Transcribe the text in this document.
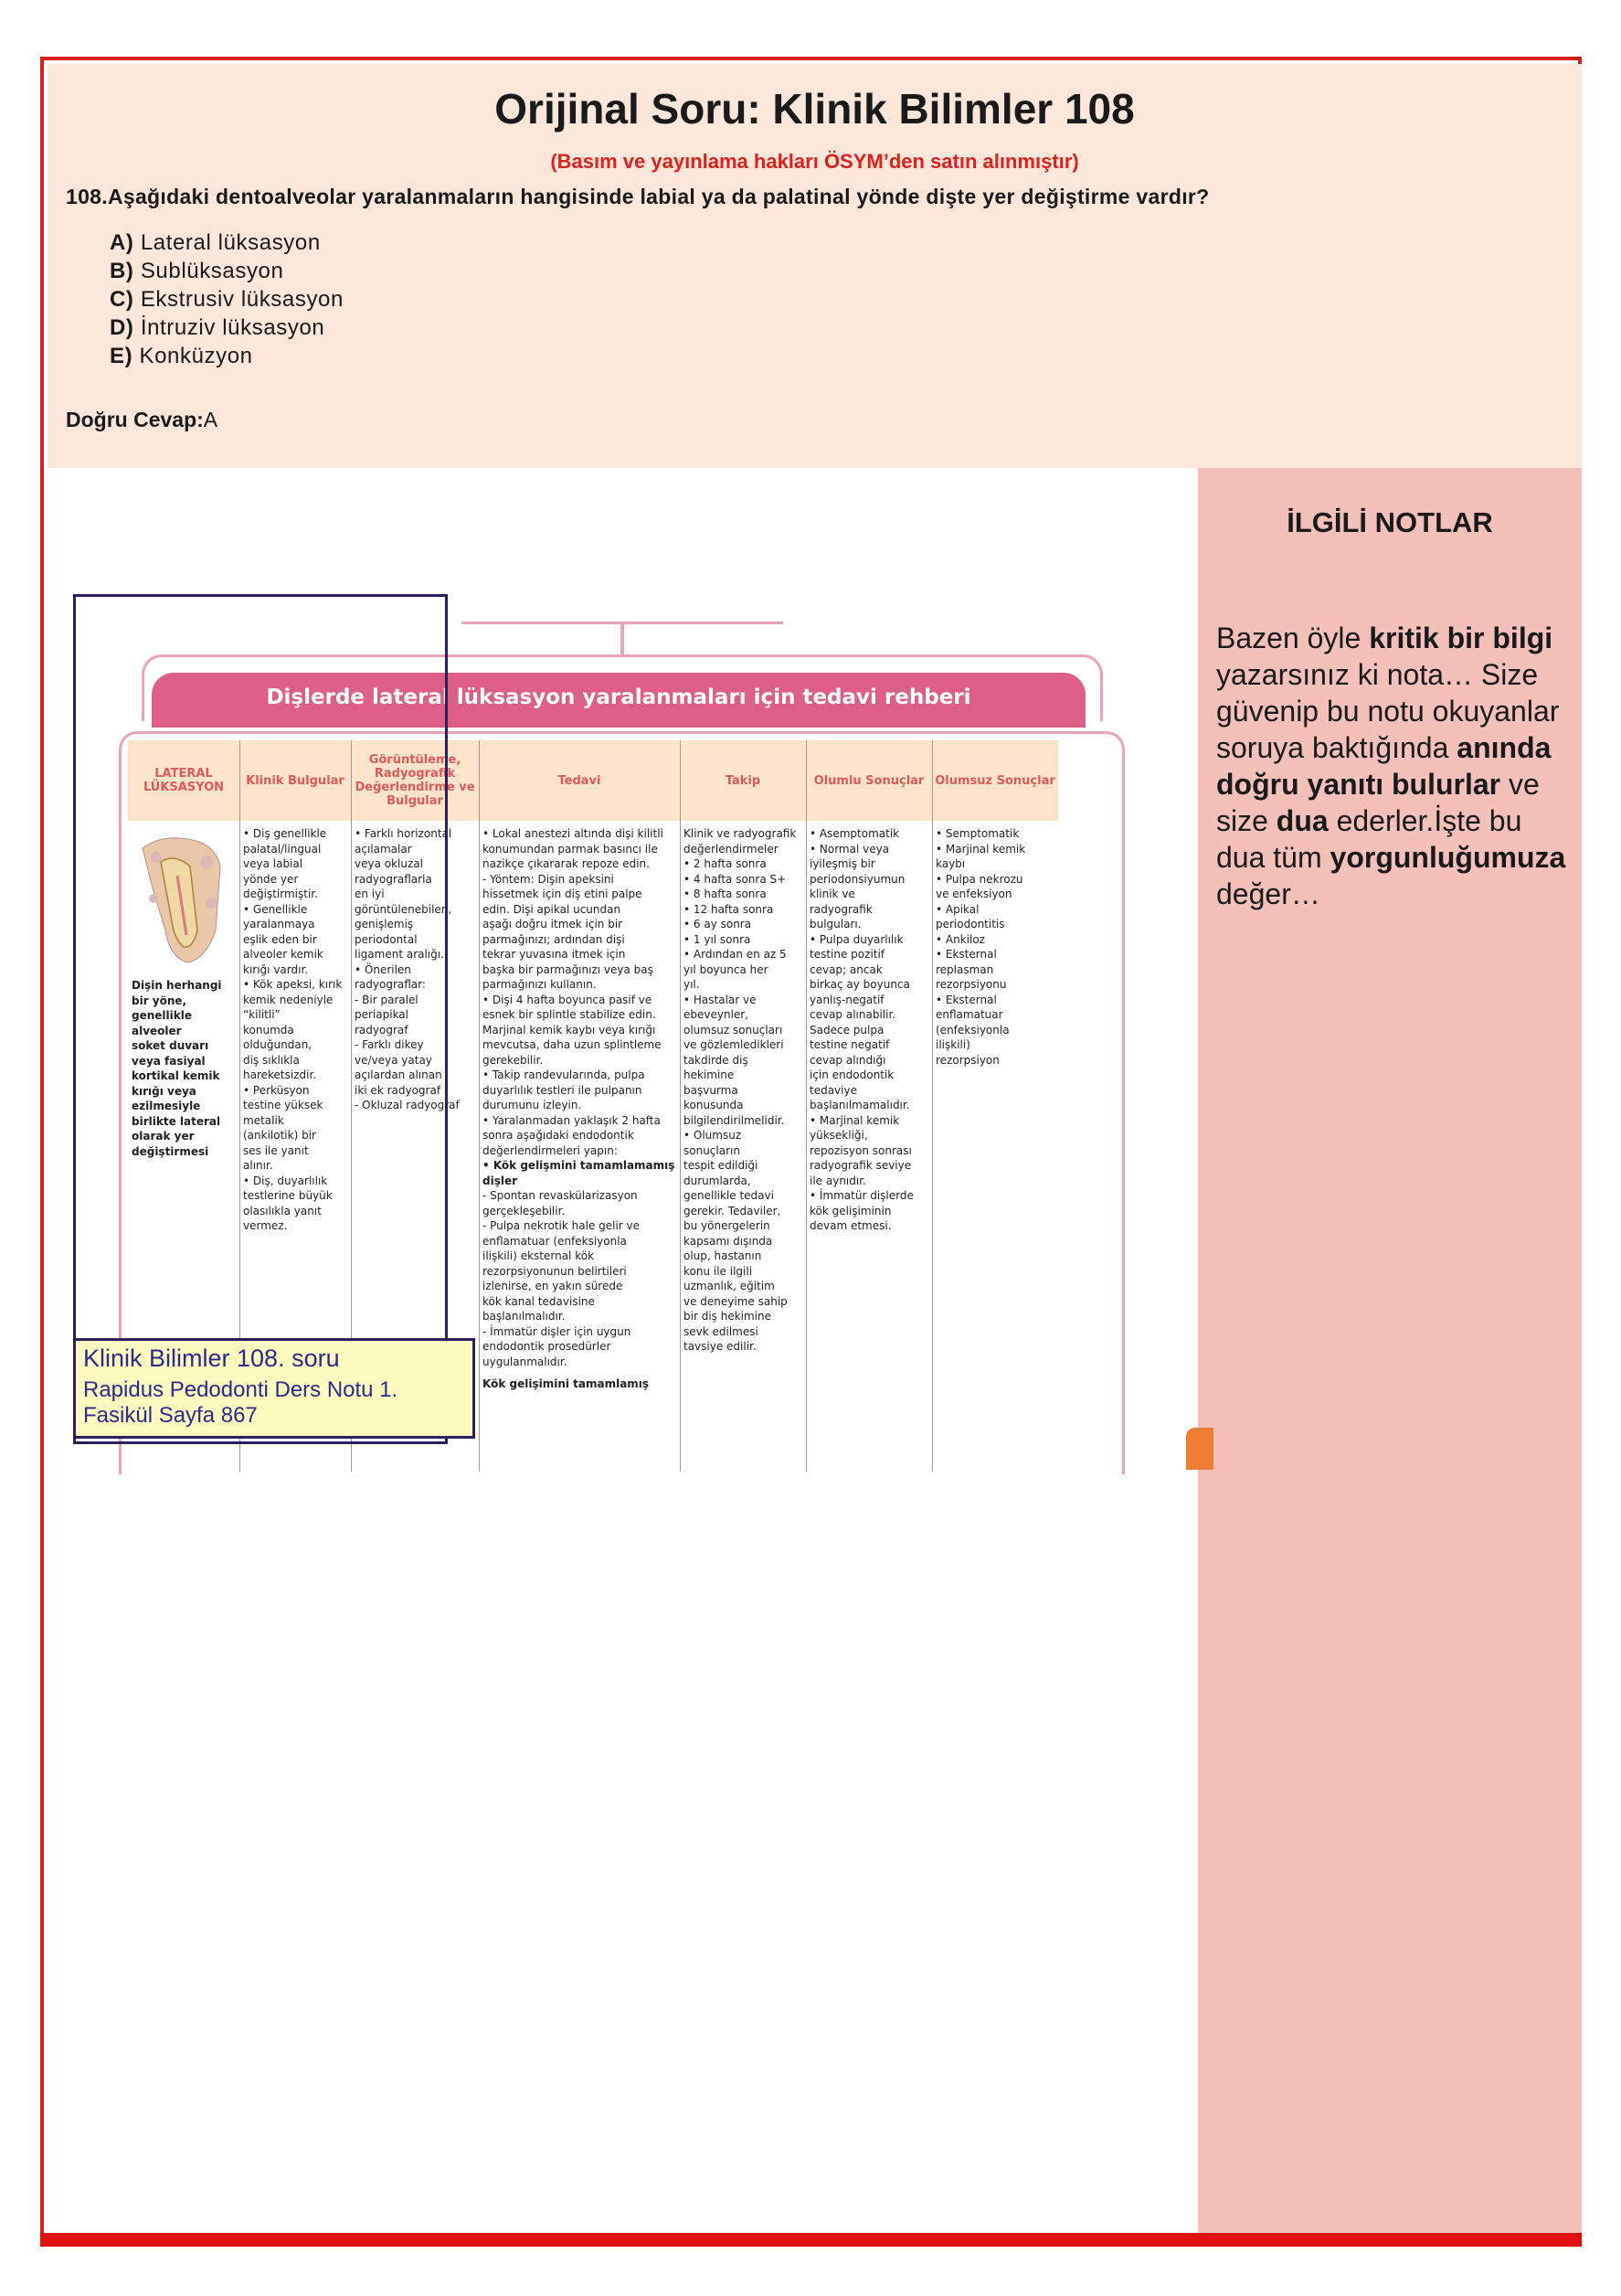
Orijinal Soru: Klinik Bilimler 108
(Basım ve yayınlama hakları ÖSYM’den satın alınmıştır)
108.Aşağıdaki dentoalveolar yaralanmaların hangisinde labial ya da palatinal yönde dişte yer değiştirme vardır?
A) Lateral lüksasyon
B) Sublüksasyon
C) Ekstrusiv lüksasyon
D) İntruziv lüksasyon
E) Konküzyon
Doğru Cevap:A
İLGİLİ NOTLAR
Bazen öyle kritik bir bilgi yazarsınız ki nota… Size güvenip bu notu okuyanlar soruya baktığında anında doğru yanıtı bulurlar ve size dua ederler.İşte bu dua tüm yorgunluğumuza değer…
Dişlerde lateral lüksasyon yaralanmaları için tedavi rehberi
LATERAL LÜKSASYON
Dişin herhangi
bir yöne,
genellikle
alveoler
soket duvarı
veya fasiyal
kortikal kemik
kırığı veya
ezilmesiyle
birlikte lateral
olarak yer
değiştirmesi
Klinik Bulgular
• Diş genellikle
palatal/lingual
veya labial
yönde yer
değiştirmiştir.
• Genellikle
yaralanmaya
eşlik eden bir
alveoler kemik
kırığı vardır.
• Kök apeksi, kırık
kemik nedeniyle
“kilitli”
konumda
olduğundan,
diş sıklıkla
hareketsizdir.
• Perküsyon
testine yüksek
metalik
(ankilotik) bir
ses ile yanıt
alınır.
• Diş, duyarlılık
testlerine büyük
olasılıkla yanıt
vermez.
Görüntüleme, Radyografik Değerlendirme ve Bulgular
• Farklı horizontal
açılamalar
veya okluzal
radyograflarla
en iyi
görüntülenebilen,
genişlemiş
periodontal
ligament aralığı.
• Önerilen
radyograflar:
- Bir paralel
periapikal
radyograf
- Farklı dikey
ve/veya yatay
açılardan alınan
iki ek radyograf
- Okluzal radyograf
Tedavi
• Lokal anestezi altında dişi kilitli
konumundan parmak basıncı ile
nazikçe çıkararak repoze edin.
- Yöntem: Dişin apeksini
hissetmek için diş etini palpe
edin. Dişi apikal ucundan
aşağı doğru itmek için bir
parmağınızı; ardından dişi
tekrar yuvasına itmek için
başka bir parmağınızı veya baş
parmağınızı kullanın.
• Dişi 4 hafta boyunca pasif ve
esnek bir splintle stabilize edin.
Marjinal kemik kaybı veya kırığı
mevcutsa, daha uzun splintleme
gerekebilir.
• Takip randevularında, pulpa
duyarlılık testleri ile pulpanın
durumunu izleyin.
• Yaralanmadan yaklaşık 2 hafta
sonra aşağıdaki endodontik
değerlendirmeleri yapın:
• Kök gelişmini tamamlamamış
dişler
- Spontan revaskülarizasyon
gerçekleşebilir.
- Pulpa nekrotik hale gelir ve
enflamatuar (enfeksiyonla
ilişkili) eksternal kök
rezorpsiyonunun belirtileri
izlenirse, en yakın sürede
kök kanal tedavisine
başlanılmalıdır.
- İmmatür dişler için uygun
endodontik prosedürler
uygulanmalıdır.
Kök gelişimini tamamlamış
Takip
Klinik ve radyografik
değerlendirmeler
• 2 hafta sonra
• 4 hafta sonra S+
• 8 hafta sonra
• 12 hafta sonra
• 6 ay sonra
• 1 yıl sonra
• Ardından en az 5
yıl boyunca her
yıl.
• Hastalar ve
ebeveynler,
olumsuz sonuçları
ve gözlemledikleri
takdirde diş
hekimine
başvurma
konusunda
bilgilendirilmelidir.
• Olumsuz
sonuçların
tespit edildiği
durumlarda,
genellikle tedavi
gerekir. Tedaviler,
bu yönergelerin
kapsamı dışında
olup, hastanın
konu ile ilgili
uzmanlık, eğitim
ve deneyime sahip
bir diş hekimine
sevk edilmesi
tavsiye edilir.
Olumlu Sonuçlar
• Asemptomatik
• Normal veya
iyileşmiş bir
periodonsiyumun
klinik ve
radyografik
bulguları.
• Pulpa duyarlılık
testine pozitif
cevap; ancak
birkaç ay boyunca
yanlış-negatif
cevap alınabilir.
Sadece pulpa
testine negatif
cevap alındığı
için endodontik
tedaviye
başlanılmamalıdır.
• Marjinal kemik
yüksekliği,
repozisyon sonrası
radyografik seviye
ile aynıdır.
• İmmatür dişlerde
kök gelişiminin
devam etmesi.
Olumsuz Sonuçlar
• Semptomatik
• Marjinal kemik
kaybı
• Pulpa nekrozu
ve enfeksiyon
• Apikal
periodontitis
• Ankiloz
• Eksternal
replasman
rezorpsiyonu
• Eksternal
enflamatuar
(enfeksiyonla
ilişkili)
rezorpsiyon
Klinik Bilimler 108. soru
Rapidus Pedodonti Ders Notu 1.
Fasikül Sayfa 867
